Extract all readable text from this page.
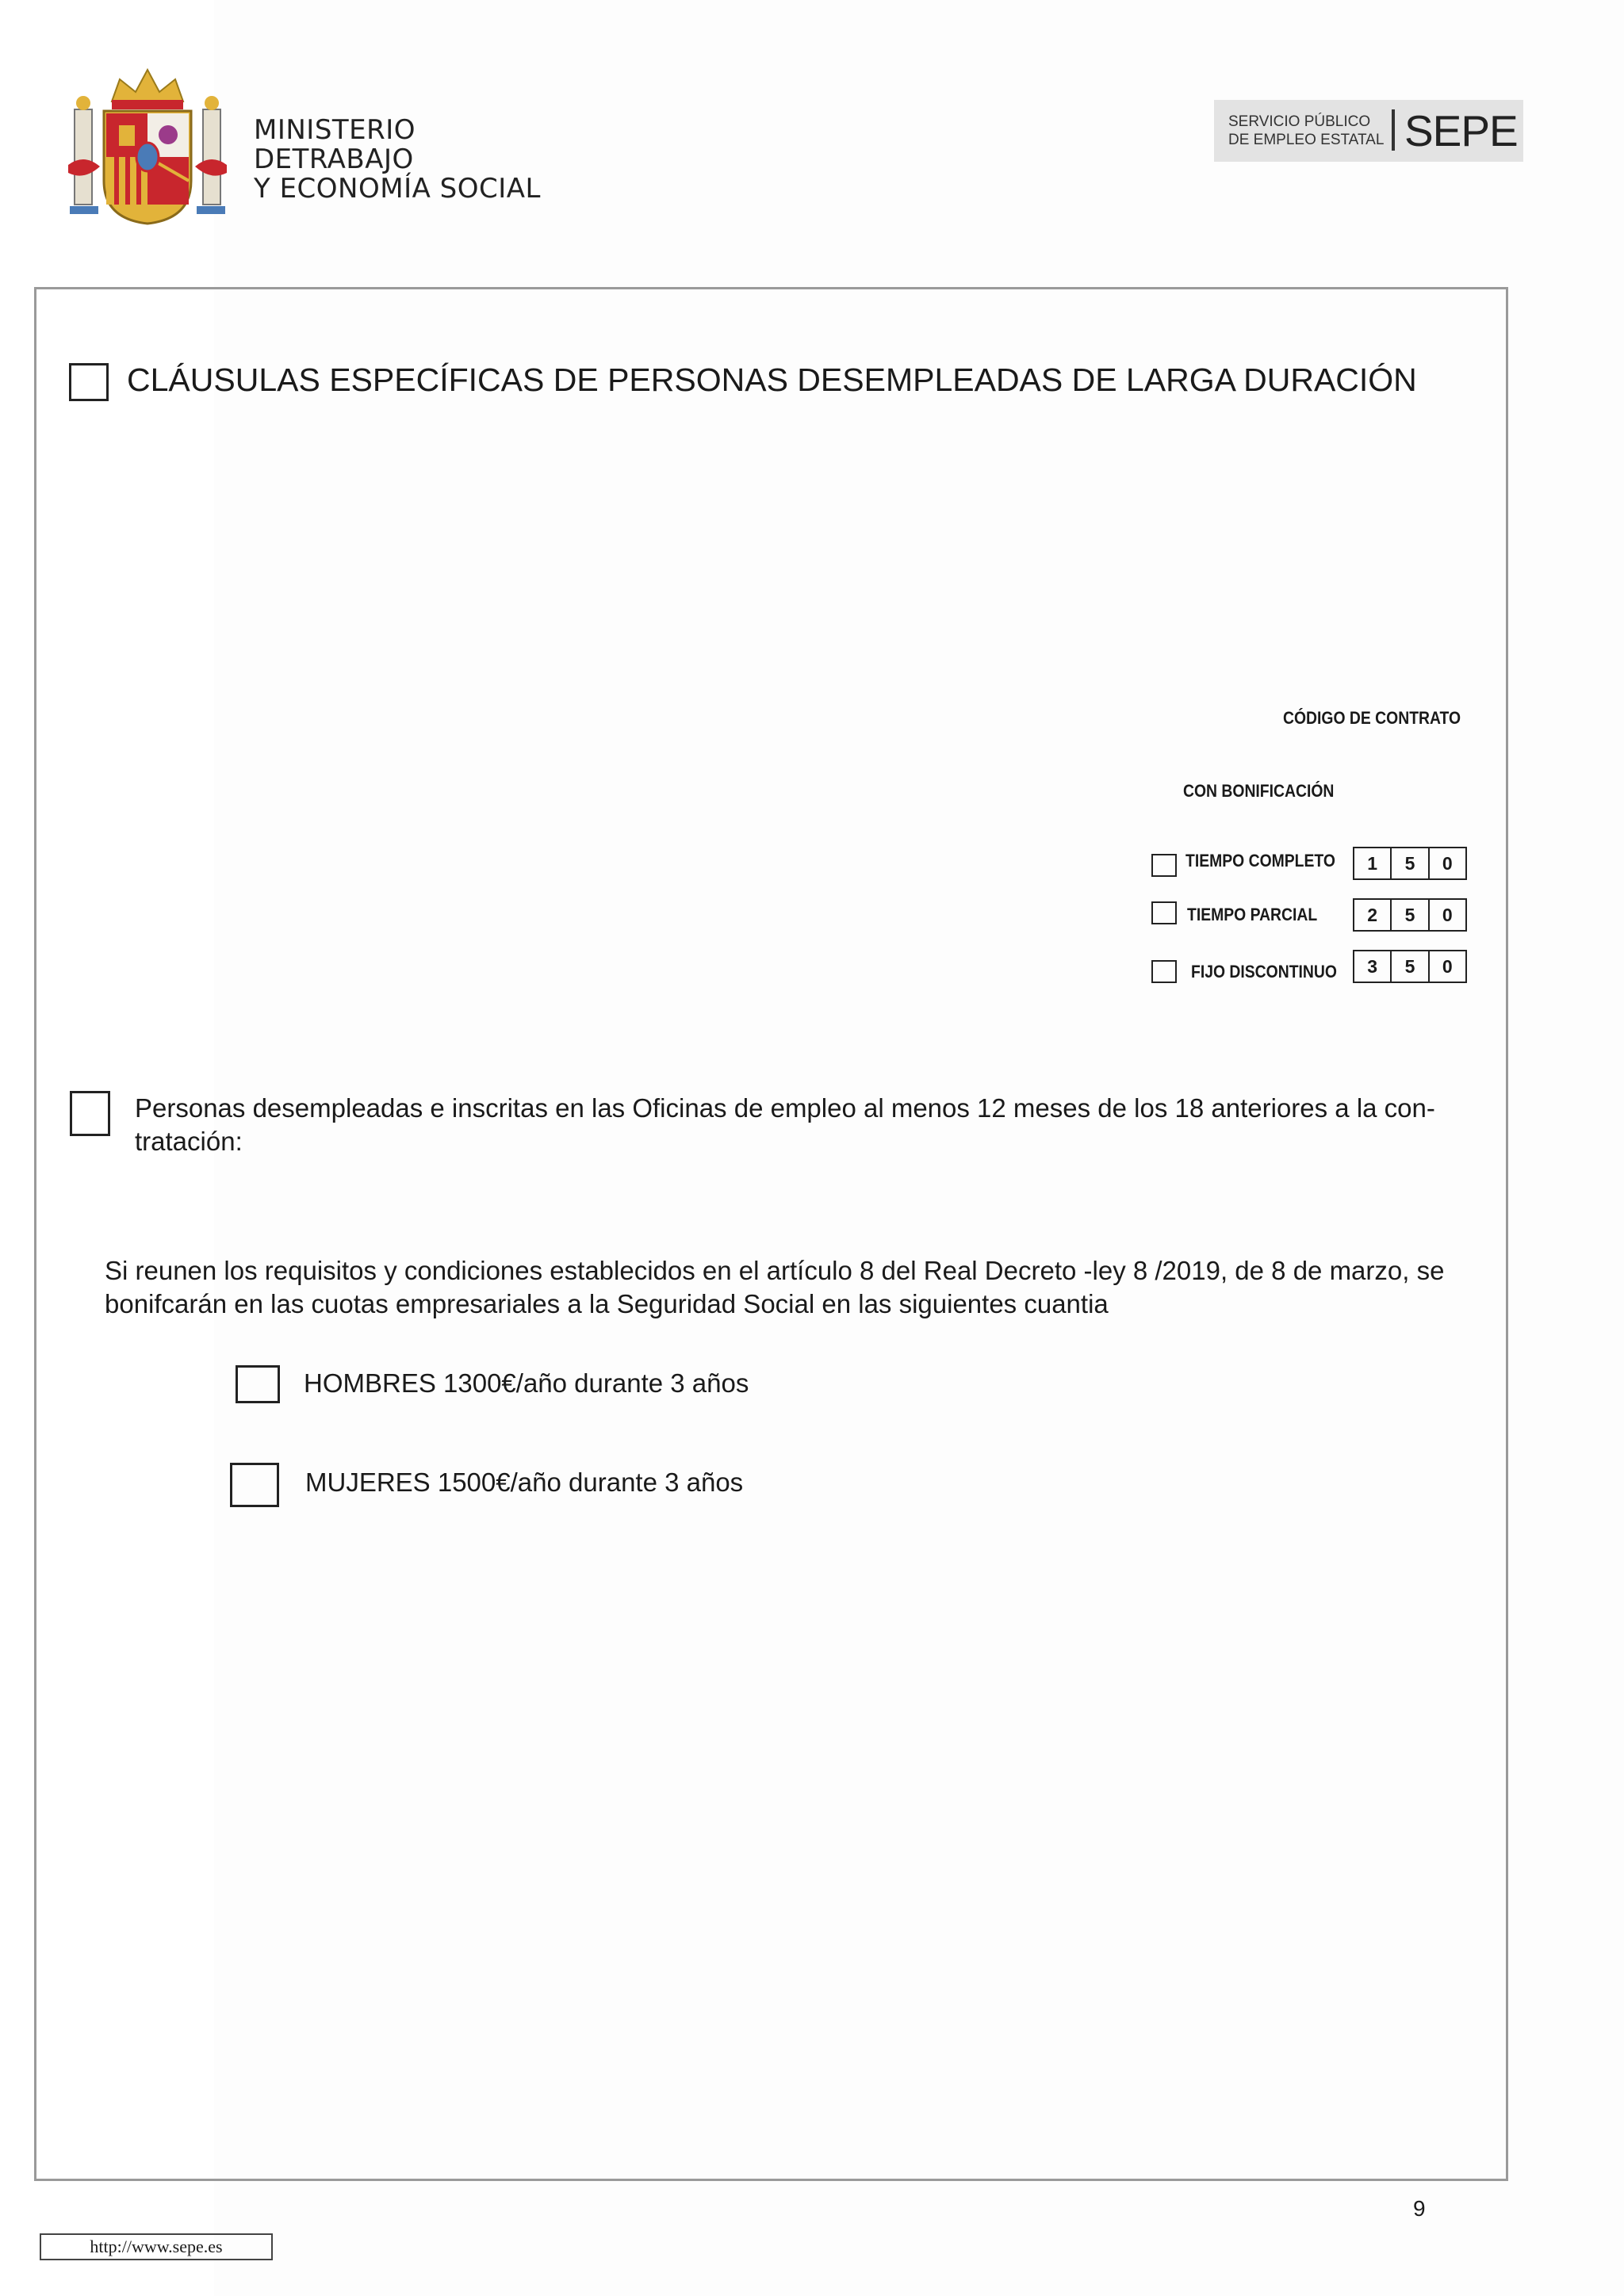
MINISTERIO
DETRABAJO
Y ECONOMÍA SOCIAL
SERVICIO PÚBLICO
DE EMPLEO ESTATAL SEPE
CLÁUSULAS ESPECÍFICAS DE PERSONAS DESEMPLEADAS DE LARGA DURACIÓN
CÓDIGO DE CONTRATO
CON BONIFICACIÓN
TIEMPO COMPLETO	1	5	0
TIEMPO PARCIAL	2	5	0
FIJO DISCONTINUO	3	5	0
Personas desempleadas e inscritas en las Oficinas de empleo al menos 12 meses de los 18 anteriores a la con-tratación:
Si reunen los requisitos y condiciones establecidos en el artículo 8 del Real Decreto -ley 8 /2019, de 8 de marzo, se bonifcarán en las cuotas empresariales a la Seguridad Social en las siguientes cuantia
HOMBRES 1300€/año durante 3 años
MUJERES 1500€/año durante 3 años
9
http://www.sepe.es
